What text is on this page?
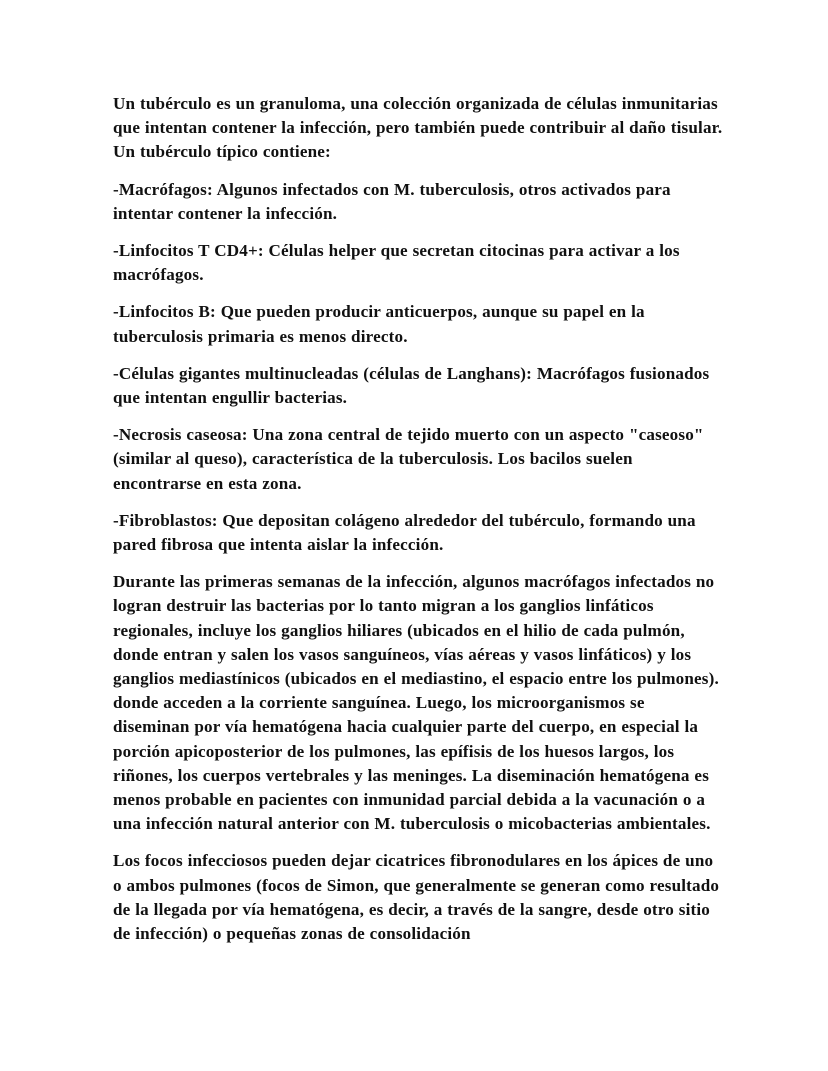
Un tubérculo es un granuloma, una colección organizada de células inmunitarias que intentan contener la infección, pero también puede contribuir al daño tisular. Un tubérculo típico contiene:

-Macrófagos: Algunos infectados con M. tuberculosis, otros activados para intentar contener la infección.

-Linfocitos T CD4+: Células helper que secretan citocinas para activar a los macrófagos.

-Linfocitos B: Que pueden producir anticuerpos, aunque su papel en la tuberculosis primaria es menos directo.

-Células gigantes multinucleadas (células de Langhans): Macrófagos fusionados que intentan engullir bacterias.

-Necrosis caseosa: Una zona central de tejido muerto con un aspecto "caseoso" (similar al queso), característica de la tuberculosis. Los bacilos suelen encontrarse en esta zona.

-Fibroblastos: Que depositan colágeno alrededor del tubérculo, formando una pared fibrosa que intenta aislar la infección.

Durante las primeras semanas de la infección, algunos macrófagos infectados no logran destruir las bacterias por lo tanto migran a los ganglios linfáticos regionales, incluye los ganglios hiliares (ubicados en el hilio de cada pulmón, donde entran y salen los vasos sanguíneos, vías aéreas y vasos linfáticos) y los ganglios mediastínicos (ubicados en el mediastino, el espacio entre los pulmones). donde acceden a la corriente sanguínea. Luego, los microorganismos se diseminan por vía hematógena hacia cualquier parte del cuerpo, en especial la porción apicoposterior de los pulmones, las epífisis de los huesos largos, los riñones, los cuerpos vertebrales y las meninges. La diseminación hematógena es menos probable en pacientes con inmunidad parcial debida a la vacunación o a una infección natural anterior con M. tuberculosis o micobacterias ambientales.

Los focos infecciosos pueden dejar cicatrices fibronodulares en los ápices de uno o ambos pulmones (focos de Simon, que generalmente se generan como resultado de la llegada por vía hematógena, es decir, a través de la sangre, desde otro sitio de infección) o pequeñas zonas de consolidación
